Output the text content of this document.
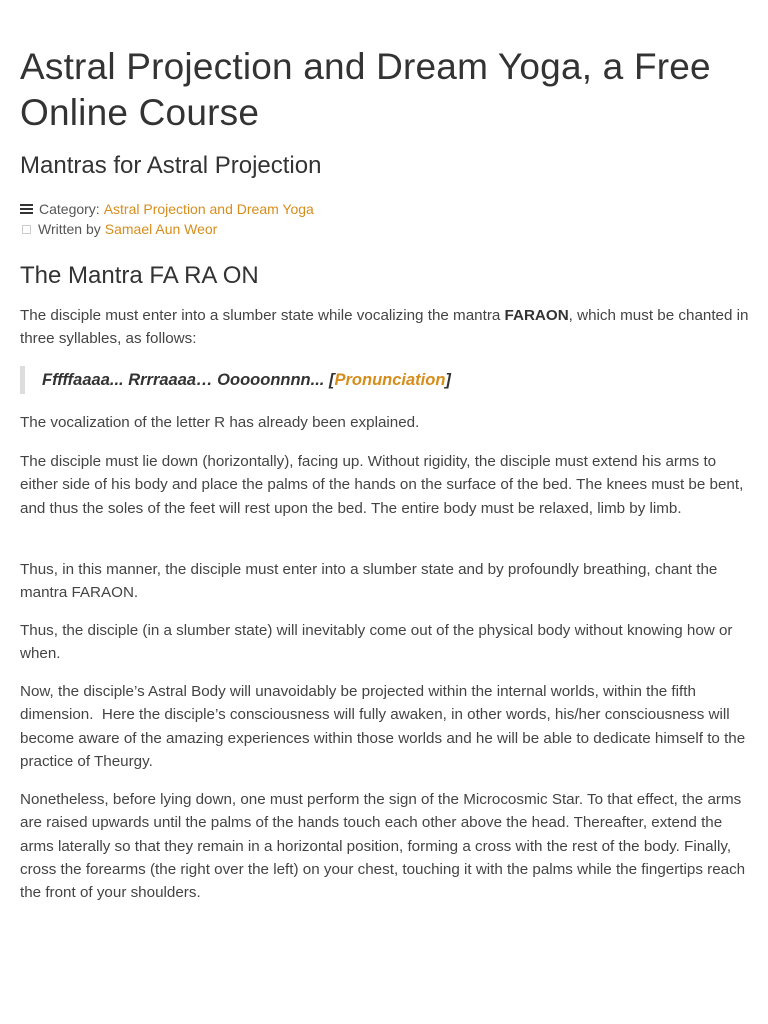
Astral Projection and Dream Yoga, a Free Online Course
Mantras for Astral Projection
Category: Astral Projection and Dream Yoga
Written by Samael Aun Weor
The Mantra FA RA ON

The disciple must enter into a slumber state while vocalizing the mantra FARAON, which must be chanted in three syllables, as follows:

Fffffaaaa... Rrrraaaa… Ooooonnnn... [Pronunciation]

The vocalization of the letter R has already been explained.

The disciple must lie down (horizontally), facing up. Without rigidity, the disciple must extend his arms to either side of his body and place the palms of the hands on the surface of the bed. The knees must be bent, and thus the soles of the feet will rest upon the bed. The entire body must be relaxed, limb by limb.

Thus, in this manner, the disciple must enter into a slumber state and by profoundly breathing, chant the mantra FARAON.

Thus, the disciple (in a slumber state) will inevitably come out of the physical body without knowing how or when.

Now, the disciple’s Astral Body will unavoidably be projected within the internal worlds, within the fifth dimension.  Here the disciple’s consciousness will fully awaken, in other words, his/her consciousness will become aware of the amazing experiences within those worlds and he will be able to dedicate himself to the practice of Theurgy.

Nonetheless, before lying down, one must perform the sign of the Microcosmic Star. To that effect, the arms are raised upwards until the palms of the hands touch each other above the head. Thereafter, extend the arms laterally so that they remain in a horizontal position, forming a cross with the rest of the body. Finally, cross the forearms (the right over the left) on your chest, touching it with the palms while the fingertips reach the front of your shoulders.
